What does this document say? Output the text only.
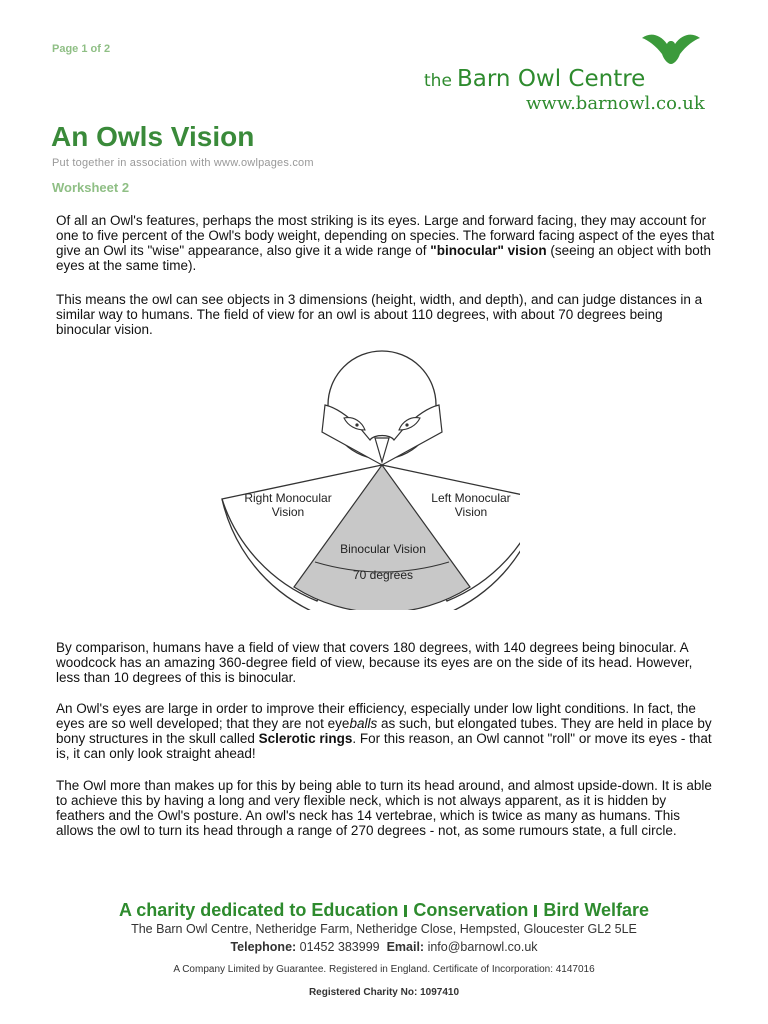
Page 1 of 2
the Barn Owl Centre
www.barnowl.co.uk
An Owls Vision
Put together in association with www.owlpages.com
Worksheet 2

Of all an Owl's features, perhaps the most striking is its eyes. Large and forward facing, they may account for one to five percent of the Owl's body weight, depending on species. The forward facing aspect of the eyes that give an Owl its "wise" appearance, also give it a wide range of "binocular" vision (seeing an object with both eyes at the same time).

This means the owl can see objects in 3 dimensions (height, width, and depth), and can judge distances in a similar way to humans. The field of view for an owl is about 110 degrees, with about 70 degrees being binocular vision.

Right Monocular
Vision
Left Monocular
Vision
Binocular Vision
70 degrees

By comparison, humans have a field of view that covers 180 degrees, with 140 degrees being binocular. A woodcock has an amazing 360-degree field of view, because its eyes are on the side of its head. However, less than 10 degrees of this is binocular.

An Owl's eyes are large in order to improve their efficiency, especially under low light conditions. In fact, the eyes are so well developed; that they are not eyeballs as such, but elongated tubes. They are held in place by bony structures in the skull called Sclerotic rings. For this reason, an Owl cannot "roll" or move its eyes - that is, it can only look straight ahead!

The Owl more than makes up for this by being able to turn its head around, and almost upside-down. It is able to achieve this by having a long and very flexible neck, which is not always apparent, as it is hidden by feathers and the Owl's posture. An owl's neck has 14 vertebrae, which is twice as many as humans. This allows the owl to turn its head through a range of 270 degrees - not, as some rumours state, a full circle.

A charity dedicated to Education Conservation Bird Welfare
The Barn Owl Centre, Netheridge Farm, Netheridge Close, Hempsted, Gloucester GL2 5LE
Telephone: 01452 383999 Email: info@barnowl.co.uk
A Company Limited by Guarantee. Registered in England. Certificate of Incorporation: 4147016
Registered Charity No: 1097410
